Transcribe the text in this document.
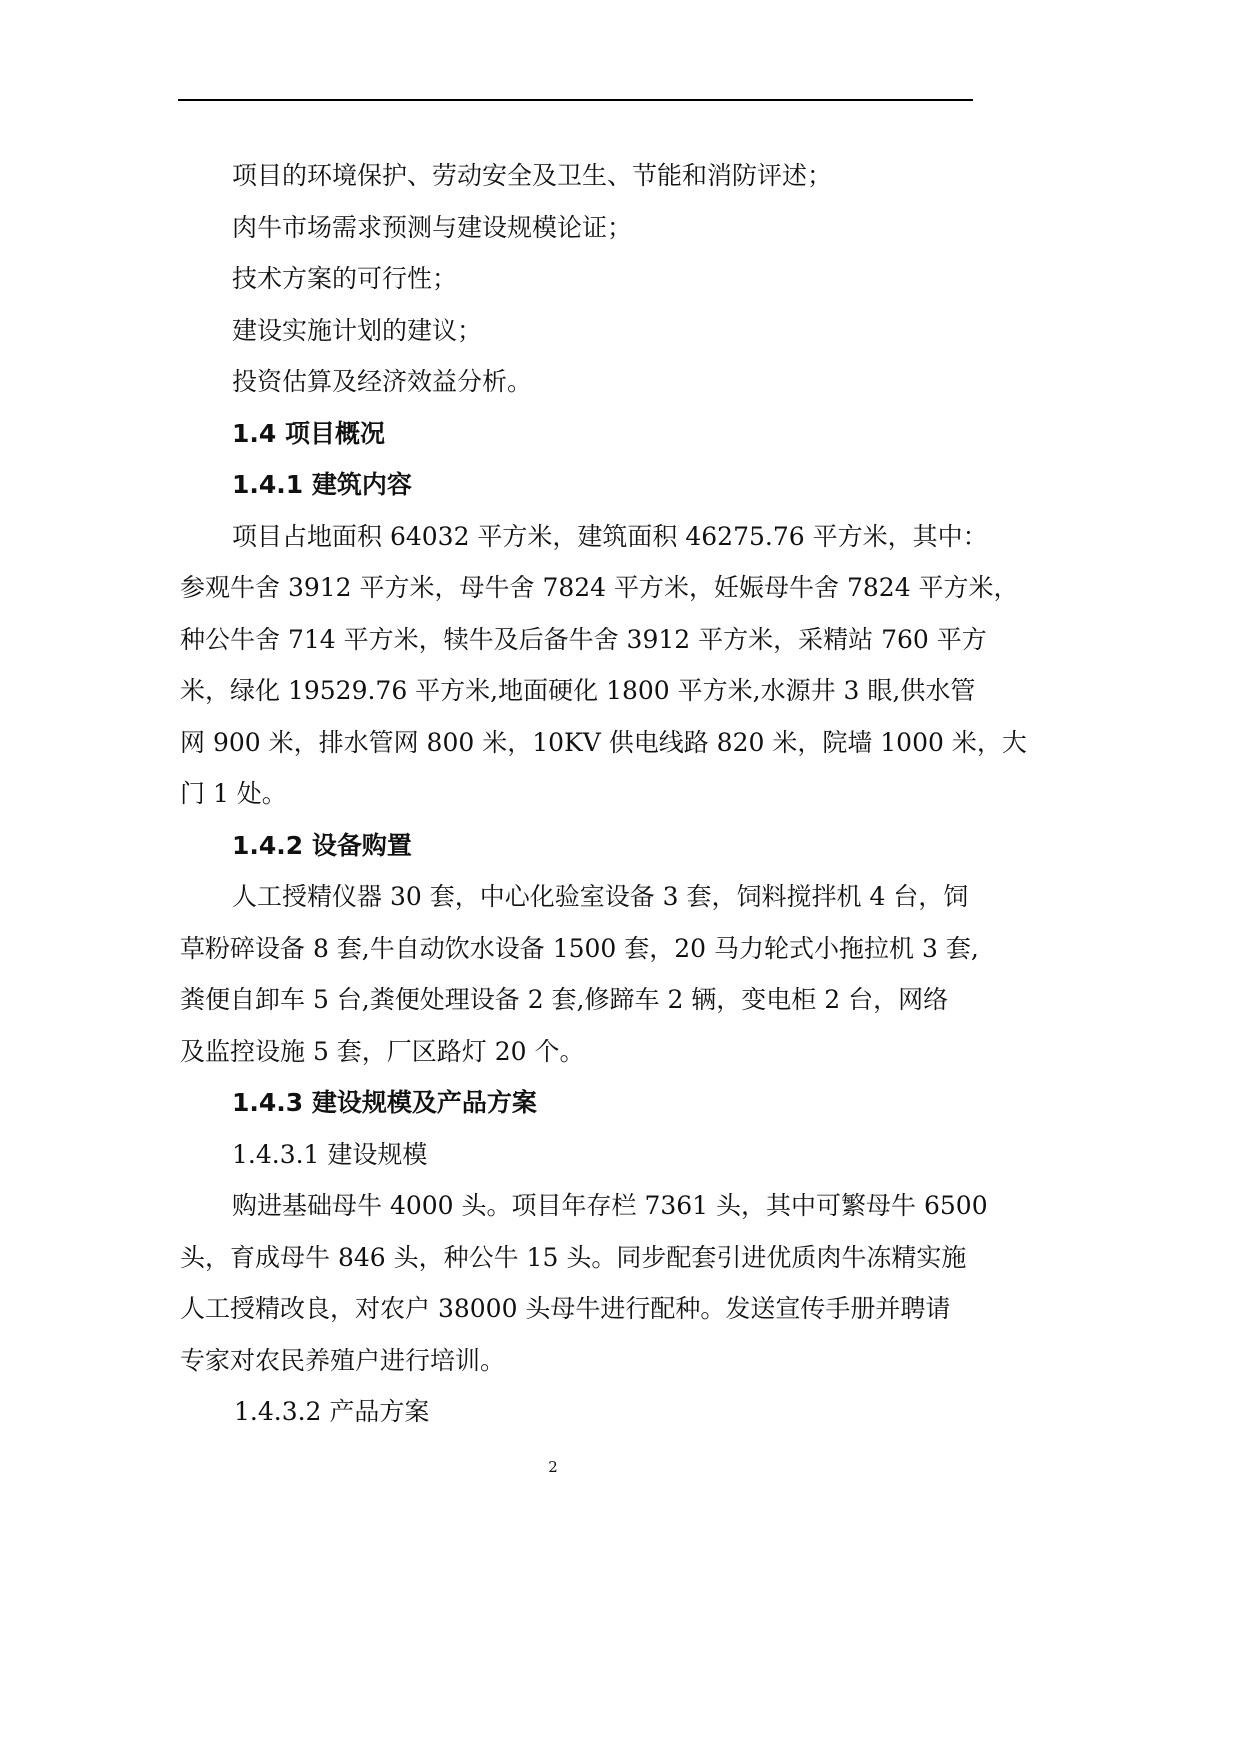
项目的环境保护、劳动安全及卫生、节能和消防评述；

肉牛市场需求预测与建设规模论证；

技术方案的可行性；

建设实施计划的建议；

投资估算及经济效益分析。

1.4 项目概况

1.4.1 建筑内容

项目占地面积 64032 平方米，建筑面积 46275.76 平方米，其中：

参观牛舍 3912 平方米，母牛舍 7824 平方米，妊娠母牛舍 7824 平方米，

种公牛舍 714 平方米，犊牛及后备牛舍 3912 平方米，采精站 760 平方

米，绿化 19529.76 平方米,地面硬化 1800 平方米,水源井 3 眼,供水管

网 900 米，排水管网 800 米，10KV 供电线路 820 米，院墙 1000 米，大

门 1 处。

1.4.2 设备购置

人工授精仪器 30 套，中心化验室设备 3 套，饲料搅拌机 4 台，饲

草粉碎设备 8 套,牛自动饮水设备 1500 套，20 马力轮式小拖拉机 3 套,

粪便自卸车 5 台,粪便处理设备 2 套,修蹄车 2 辆，变电柜 2 台，网络

及监控设施 5 套，厂区路灯 20 个。

1.4.3 建设规模及产品方案

1.4.3.1 建设规模

购进基础母牛 4000 头。项目年存栏 7361 头，其中可繁母牛 6500

头，育成母牛 846 头，种公牛 15 头。同步配套引进优质肉牛冻精实施

人工授精改良，对农户 38000 头母牛进行配种。发送宣传手册并聘请

专家对农民养殖户进行培训。

1.4.3.2 产品方案

2
